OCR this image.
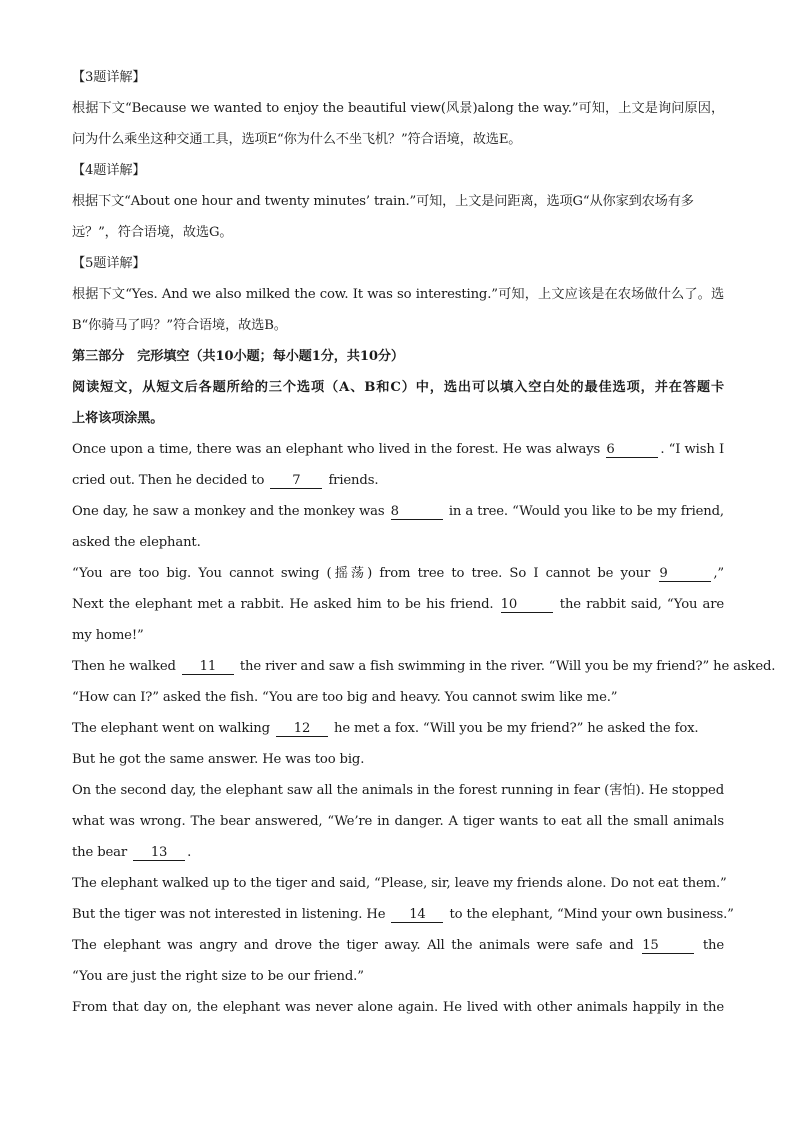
【3题详解】
根据下文“Because we wanted to enjoy the beautiful view(风景)along the way.”可知，上文是询问原因，
问为什么乘坐这种交通工具，选项E“你为什么不坐飞机？”符合语境，故选E。
【4题详解】
根据下文“About one hour and twenty minutes’ train.”可知，上文是问距离，选项G“从你家到农场有多
远？”，符合语境，故选G。
【5题详解】
根据下文“Yes. And we also milked the cow. It was so interesting.”可知，上文应该是在农场做什么了。选
B“你骑马了吗？”符合语境，故选B。
第三部分　完形填空（共10小题；每小题1分，共10分）
阅读短文，从短文后各题所给的三个选项（A、B和C）中，选出可以填入空白处的最佳选项，并在答题卡
上将该项涂黑。
Once upon a time, there was an elephant who lived in the forest. He was always 6	. “I wish I
cried out. Then he decided to 7 friends.
One day, he saw a monkey and the monkey was 8	in a tree. “Would you like to be my friend,
asked the elephant.
“You are too big. You cannot swing (摇荡) from tree to tree. So I cannot be your 9	,”
Next the elephant met a rabbit. He asked him to be his friend. 10	the rabbit said, “You are
my home!”
Then he walked 11 the river and saw a fish swimming in the river. “Will you be my friend?” he asked.
“How can I?” asked the fish. “You are too big and heavy. You cannot swim like me.”
The elephant went on walking 12 he met a fox. “Will you be my friend?” he asked the fox.
But he got the same answer. He was too big.
On the second day, the elephant saw all the animals in the forest running in fear (害怕). He stopped
what was wrong. The bear answered, “We’re in danger. A tiger wants to eat all the small animals
the bear 13 .
The elephant walked up to the tiger and said, “Please, sir, leave my friends alone. Do not eat them.”
But the tiger was not interested in listening. He 14 to the elephant, “Mind your own business.”
The elephant was angry and drove the tiger away. All the animals were safe and 15	the
“You are just the right size to be our friend.”
From that day on, the elephant was never alone again. He lived with other animals happily in the
